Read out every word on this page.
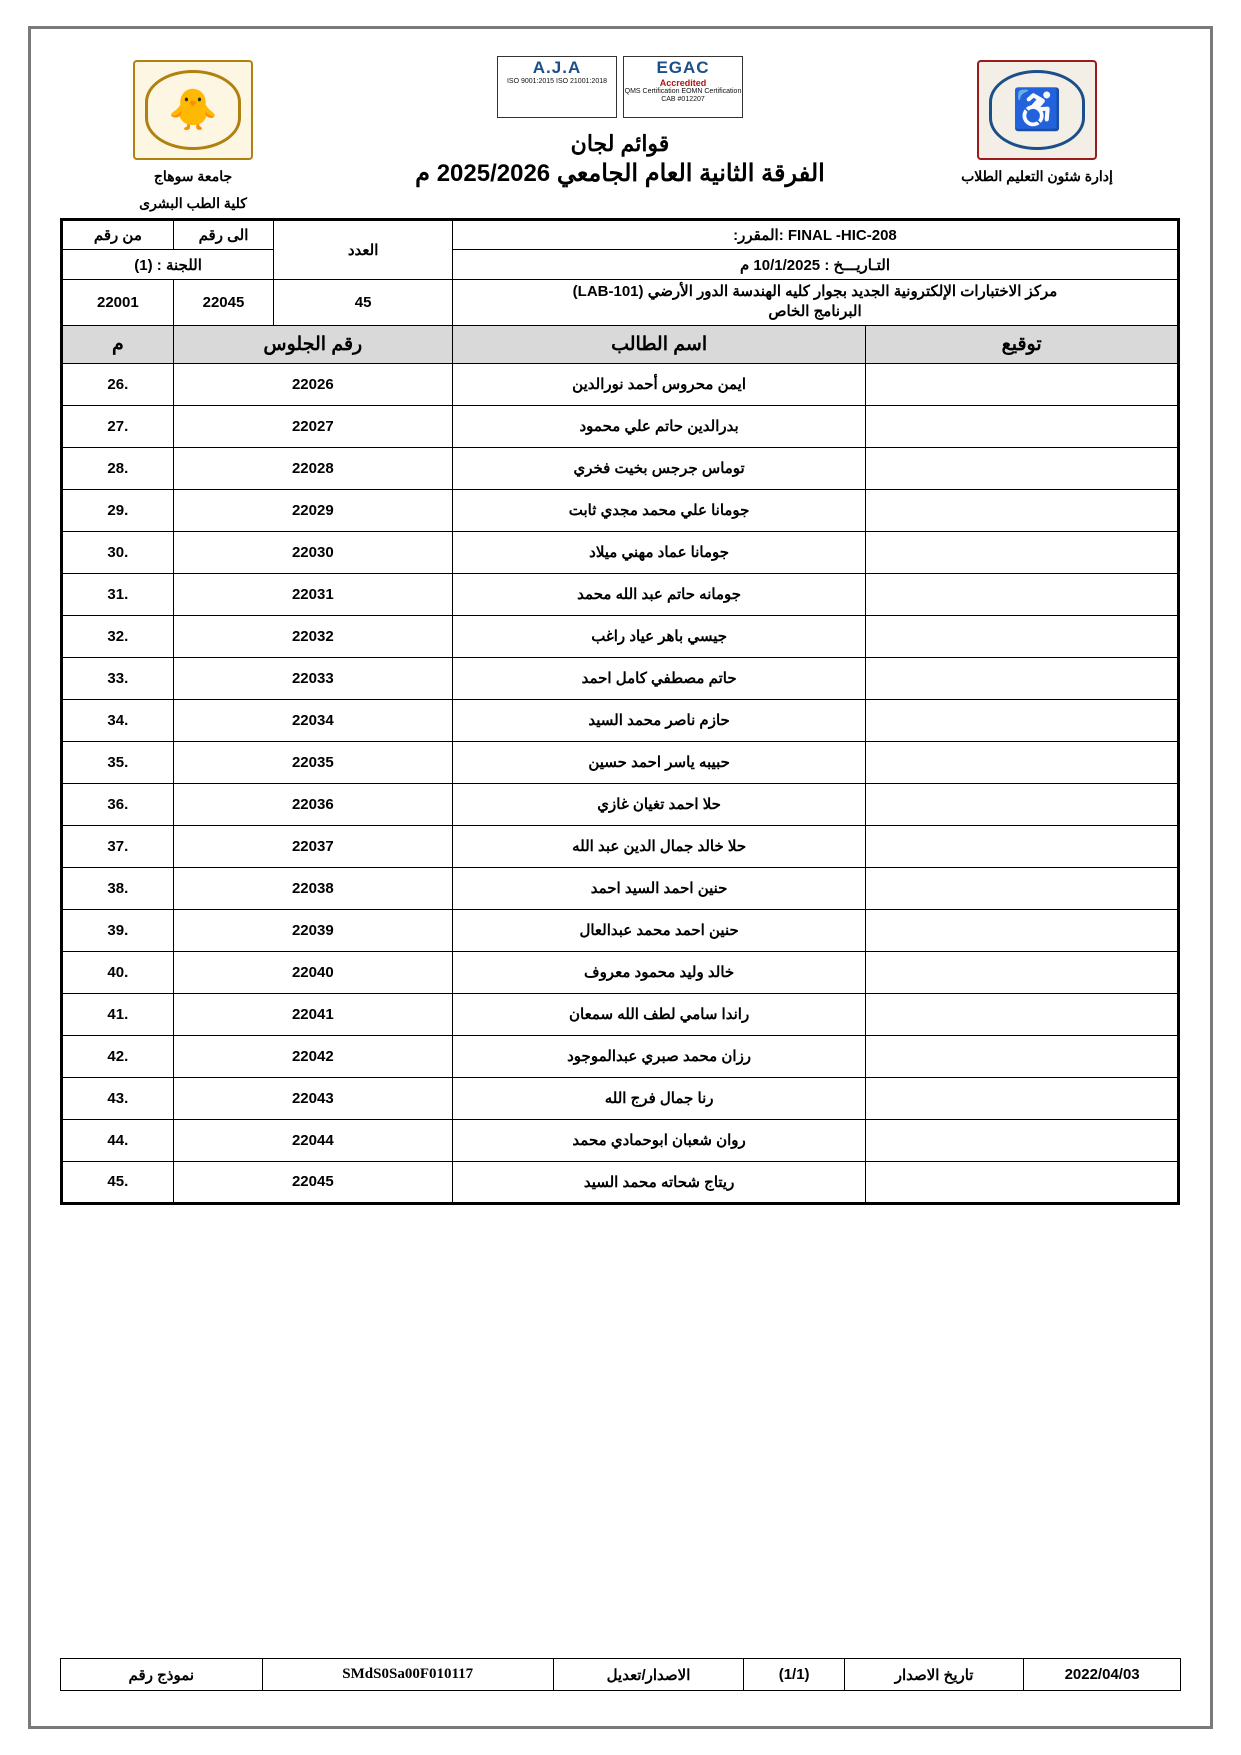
♿
إدارة شئون التعليم الطلاب
EGAC
Accredited
QMS Certification EOMN Certification CAB #012207
A.J.A
ISO 9001:2015 ISO 21001:2018
🐥
جامعة سوهاج
كلية الطب البشرى
قوائم لجان
الفرقة الثانية العام الجامعي 2025/2026 م
FINAL -HIC-208 :المقرر:		العدد	الى رقم	من رقم
التـاريـــخ : 10/1/2025 م			اللجنة : (1)	

مركز الاختبارات الإلكترونية الجديد بجوار كليه الهندسة الدور الأرضي (LAB-101)
البرنامج الخاص		45	22045	22001
توقيع	اسم الطالب	رقم الجلوس		م
	ايمن محروس أحمد نورالدين	22026		.26
	بدرالدين حاتم علي محمود	22027		.27
	توماس جرجس بخيت فخري	22028		.28
	جومانا علي محمد مجدي ثابت	22029		.29
	جومانا عماد مهني ميلاد	22030		.30
	جومانه حاتم عبد الله محمد	22031		.31
	جيسي باهر عياد راغب	22032		.32
	حاتم مصطفي كامل احمد	22033		.33
	حازم ناصر محمد السيد	22034		.34
	حبيبه ياسر احمد حسين	22035		.35
	حلا احمد تغيان غازي	22036		.36
	حلا خالد جمال الدين عبد الله	22037		.37
	حنين احمد السيد احمد	22038		.38
	حنين احمد محمد عبدالعال	22039		.39
	خالد وليد محمود معروف	22040		.40
	راندا سامي لطف الله سمعان	22041		.41
	رزان محمد صبري عبدالموجود	22042		.42
	رنا جمال فرج الله	22043		.43
	روان شعبان ابوحمادي محمد	22044		.44
	ريتاج شحاته محمد السيد	22045		.45
2022/04/03	تاريخ الاصدار	(1/1)	الاصدار/تعديل	SMdS0Sa00F010117	نموذج رقم
